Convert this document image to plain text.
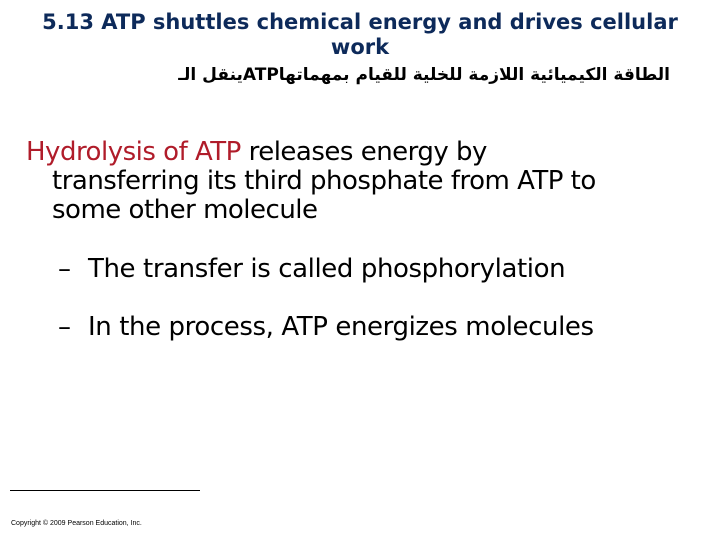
5.13 ATP shuttles chemical energy and drives cellular
work
الطاقة الكيميائية اللازمة للخلية للقيام بمهماتهاATPينقل الـ
Hydrolysis of ATP releases energy by
transferring its third phosphate from ATP to
some other molecule
– The transfer is called phosphorylation
– In the process, ATP energizes molecules
Copyright © 2009 Pearson Education, Inc.
